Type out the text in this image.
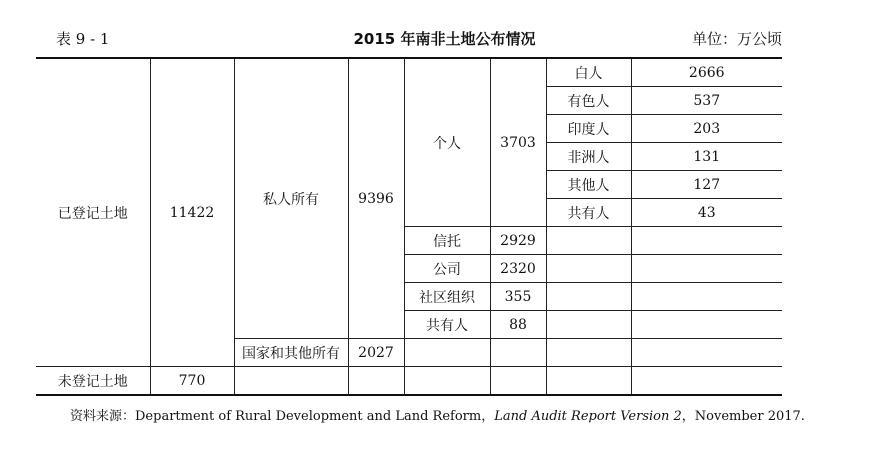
表 9 - 1	2015 年南非土地公布情况	单位：万公顷
已登记土地	11422	私人所有	9396	个人	3703	白人	2666
						有色人	537
						印度人	203
						非洲人	131
						其他人	127
						共有人	43
				信托	2929		
				公司	2320		
				社区组织	355		
				共有人	88		
		国家和其他所有	2027				
未登记土地	770						
资料来源：Department of Rural Development and Land Reform，Land Audit Report Version 2，November 2017.
